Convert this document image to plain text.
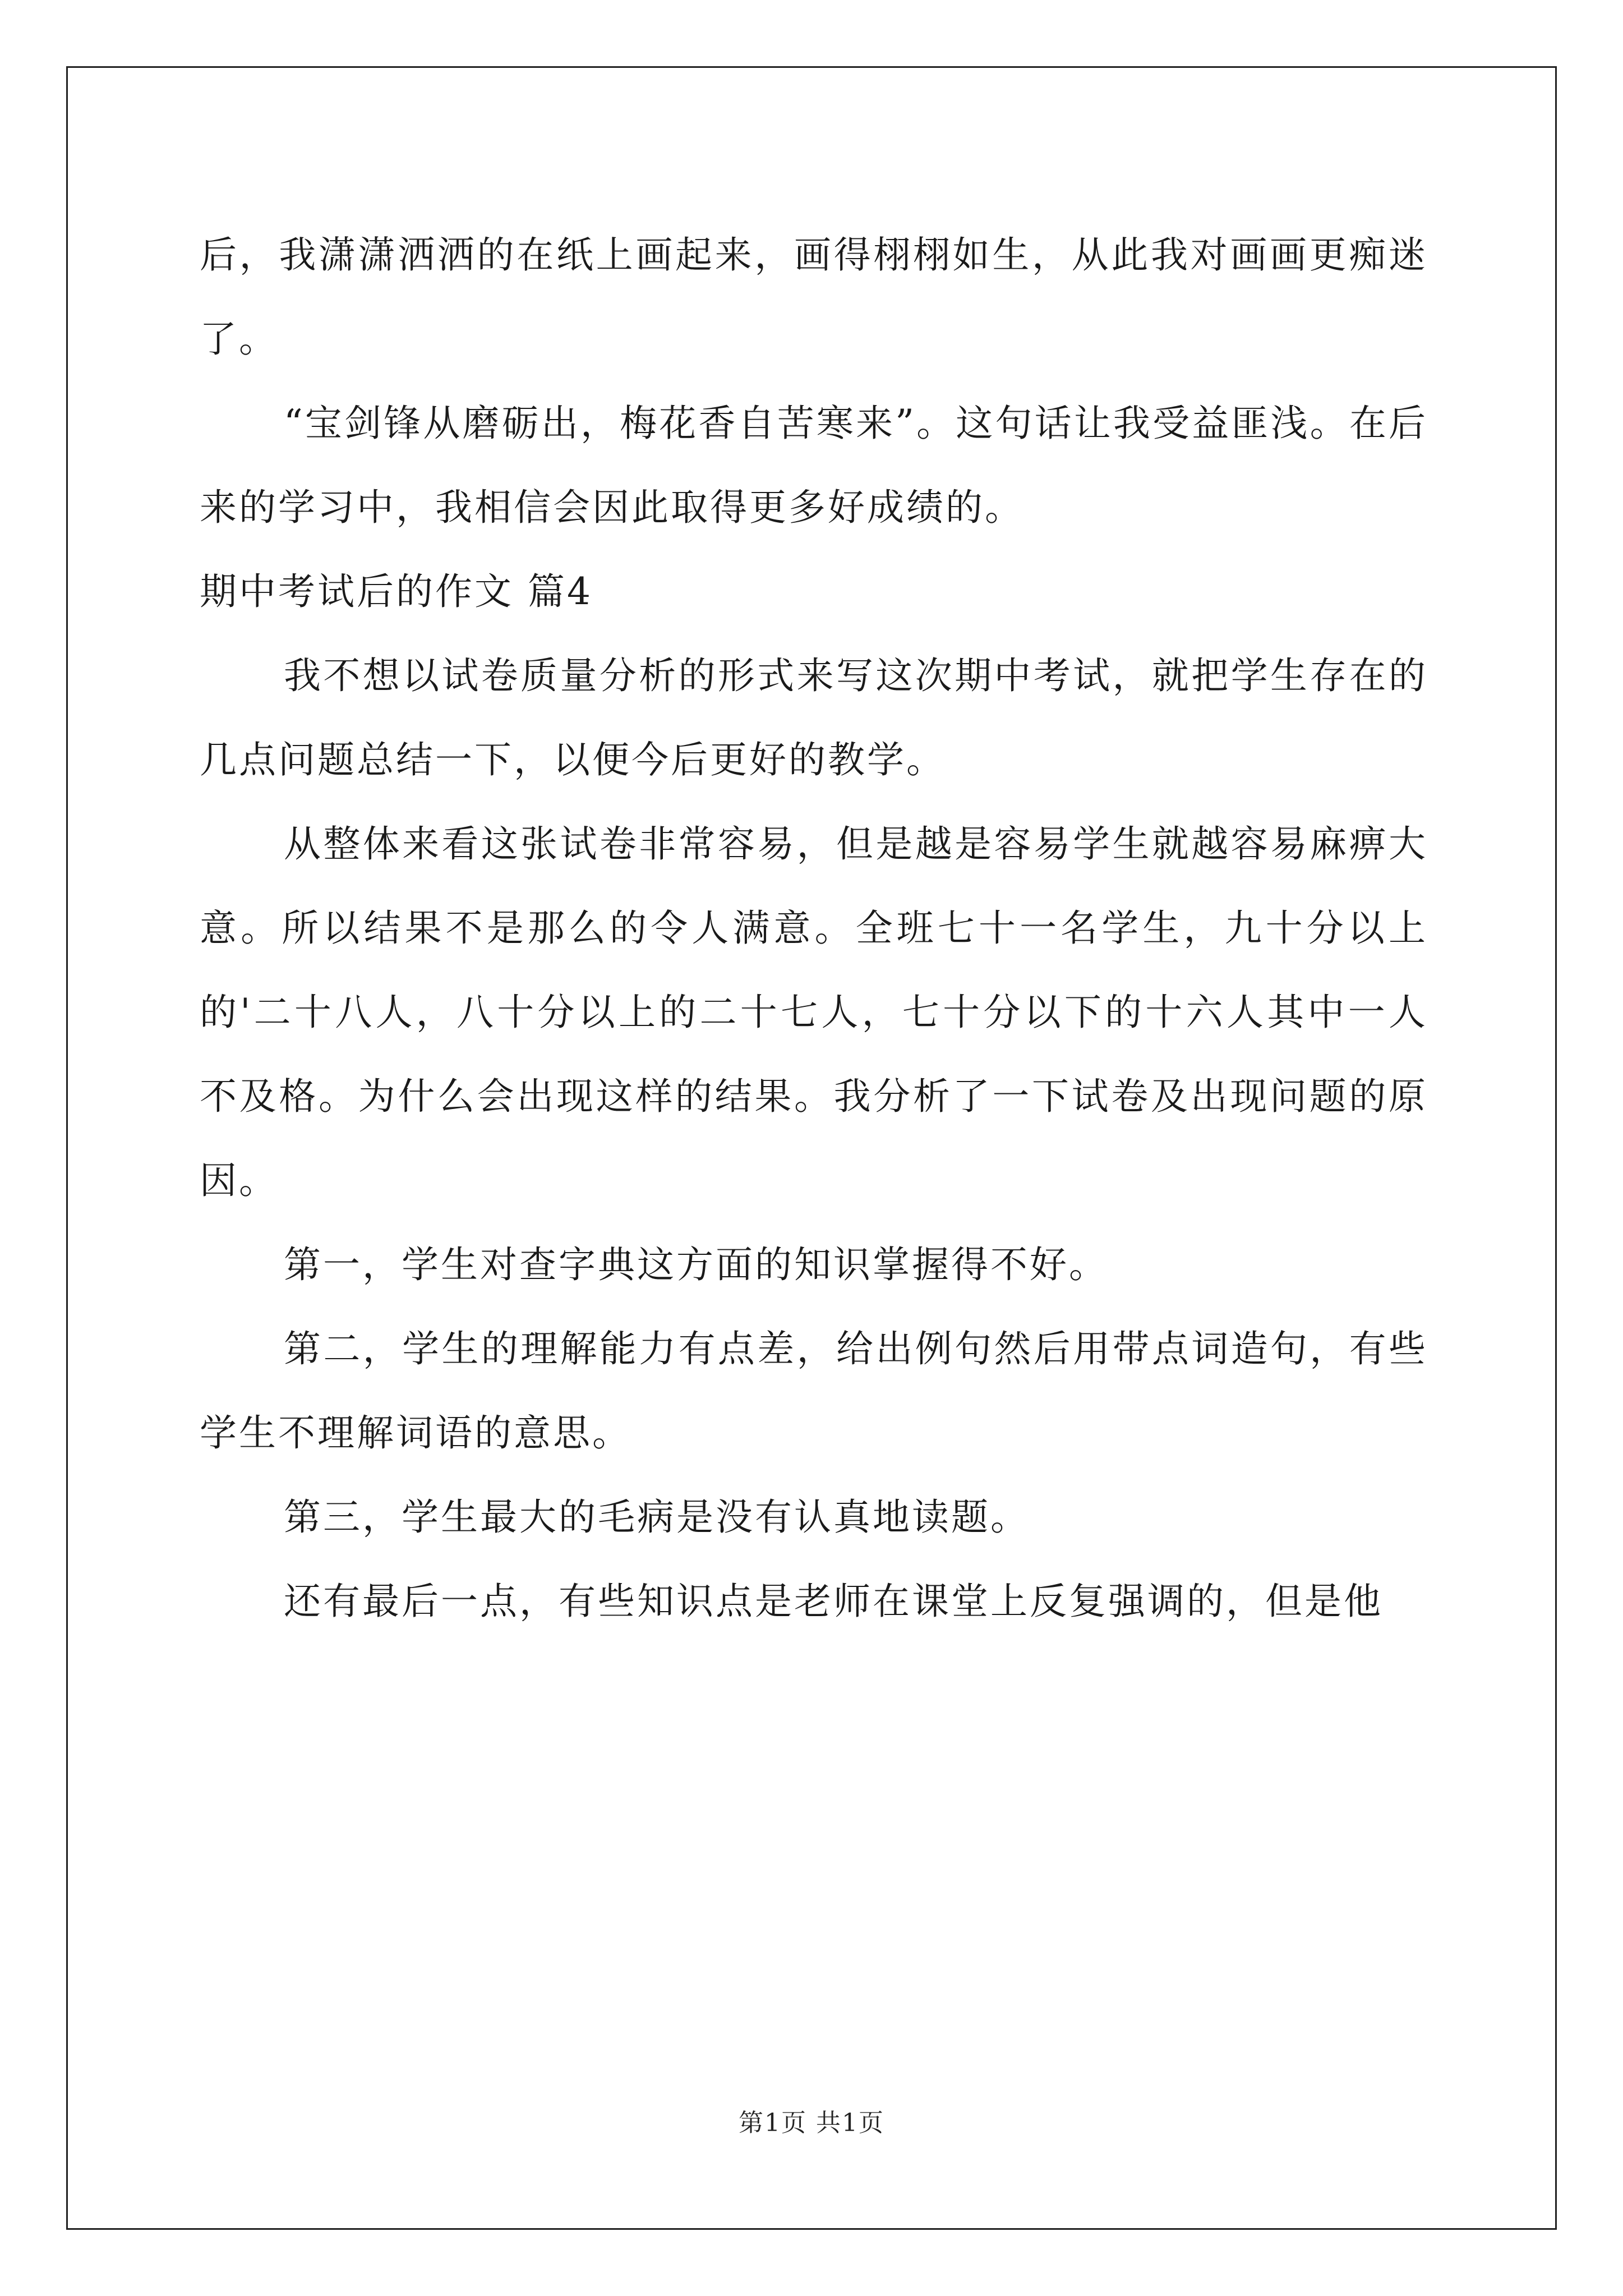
后，我潇潇洒洒的在纸上画起来，画得栩栩如生，从此我对画画更痴迷了。

“宝剑锋从磨砺出，梅花香自苦寒来”。这句话让我受益匪浅。在后来的学习中，我相信会因此取得更多好成绩的。

期中考试后的作文 篇4

我不想以试卷质量分析的形式来写这次期中考试，就把学生存在的几点问题总结一下，以便今后更好的教学。

从整体来看这张试卷非常容易，但是越是容易学生就越容易麻痹大意。所以结果不是那么的令人满意。全班七十一名学生，九十分以上的'二十八人，八十分以上的二十七人，七十分以下的十六人其中一人不及格。为什么会出现这样的结果。我分析了一下试卷及出现问题的原因。

第一，学生对查字典这方面的知识掌握得不好。

第二，学生的理解能力有点差，给出例句然后用带点词造句，有些学生不理解词语的意思。

第三，学生最大的毛病是没有认真地读题。

还有最后一点，有些知识点是老师在课堂上反复强调的，但是他

第1页 共1页
